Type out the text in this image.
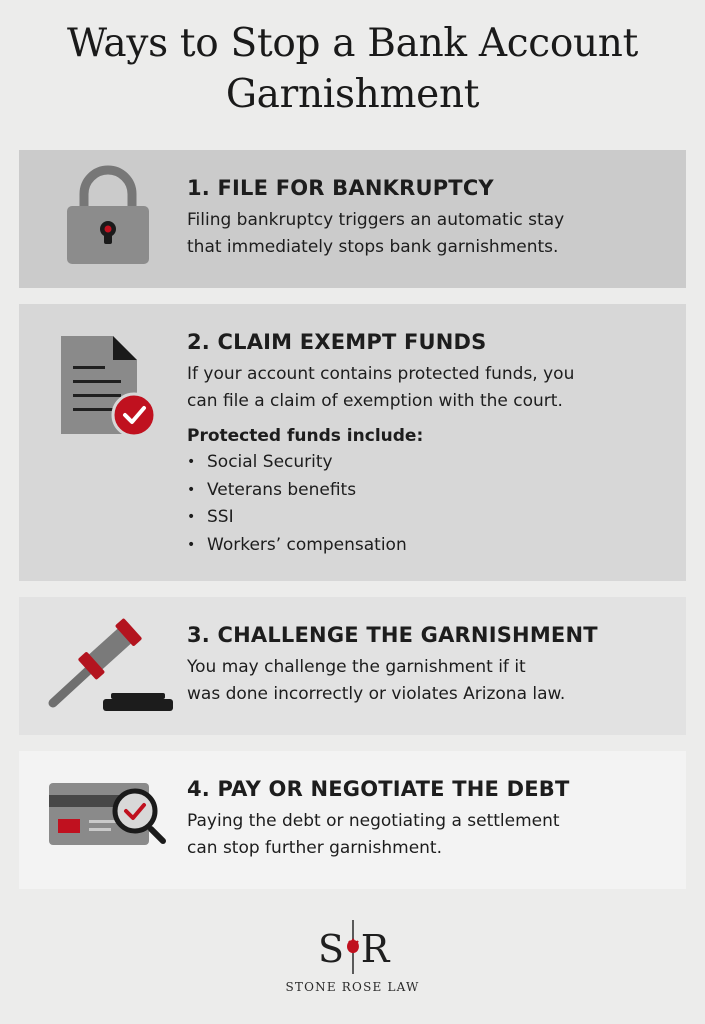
Ways to Stop a Bank Account
Garnishment
1. FILE FOR BANKRUPTCY
Filing bankruptcy triggers an automatic stay
that immediately stops bank garnishments.
2. CLAIM EXEMPT FUNDS
If your account contains protected funds, you
can file a claim of exemption with the court.
Protected funds include:
• Social Security
• Veterans benefits
• SSI
• Workers’ compensation
3. CHALLENGE THE GARNISHMENT
You may challenge the garnishment if it
was done incorrectly or violates Arizona law.
4. PAY OR NEGOTIATE THE DEBT
Paying the debt or negotiating a settlement
can stop further garnishment.
S R
STONE ROSE LAW
